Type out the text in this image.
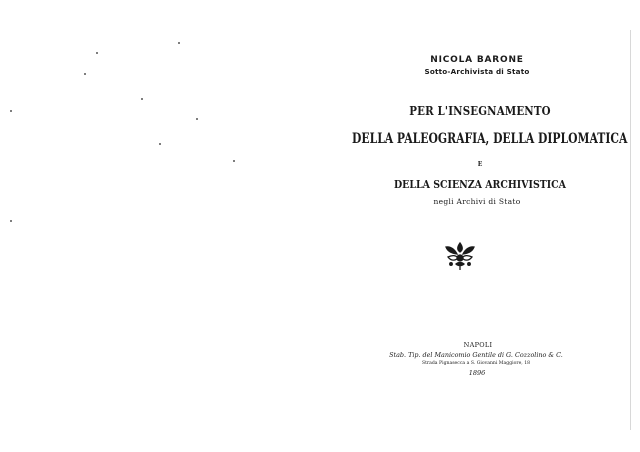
NICOLA BARONE
Sotto-Archivista di Stato
PER L'INSEGNAMENTO
DELLA PALEOGRAFIA, DELLA DIPLOMATICA
E
DELLA SCIENZA ARCHIVISTICA
negli Archivi di Stato
NAPOLI
Stab. Tip. del Manicomio Gentile di G. Cozzolino & C.
Strada Pignasecca a S. Giovanni Maggiore, 18
1896
